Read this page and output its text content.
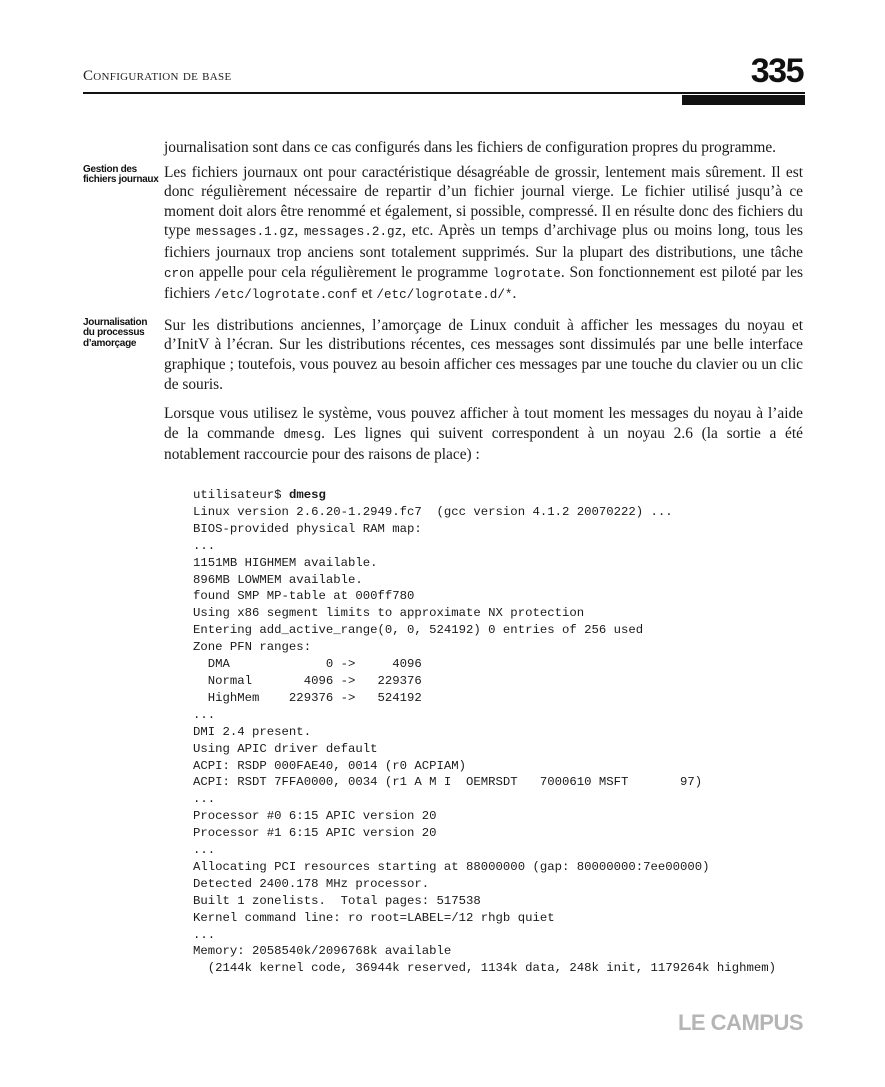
Configuration de base	335

journalisation sont dans ce cas configurés dans les fichiers de configuration propres du programme.

Gestion des fichiers journaux Les fichiers journaux ont pour caractéristique désagréable de grossir, lentement mais sûrement. Il est donc régulièrement nécessaire de repartir d’un fichier journal vierge. Le fichier utilisé jusqu’à ce moment doit alors être renommé et également, si possible, compressé. Il en résulte donc des fichiers du type messages.1.gz, messages.2.gz, etc. Après un temps d’archivage plus ou moins long, tous les fichiers journaux trop anciens sont totalement supprimés. Sur la plupart des distributions, une tâche cron appelle pour cela régulièrement le programme logrotate. Son fonctionnement est piloté par les fichiers /etc/logrotate.conf et /etc/logrotate.d/*.

Journalisation du processus d’amorçage
Sur les distributions anciennes, l’amorçage de Linux conduit à afficher les messages du noyau et d’InitV à l’écran. Sur les distributions récentes, ces messages sont dissimulés par une belle interface graphique ; toutefois, vous pouvez au besoin afficher ces messages par une touche du clavier ou un clic de souris.

Lorsque vous utilisez le système, vous pouvez afficher à tout moment les messages du noyau à l’aide de la commande dmesg. Les lignes qui suivent correspondent à un noyau 2.6 (la sortie a été notablement raccourcie pour des raisons de place) :

utilisateur$ dmesg
Linux version 2.6.20-1.2949.fc7  (gcc version 4.1.2 20070222) ...
BIOS-provided physical RAM map:
...
1151MB HIGHMEM available.
896MB LOWMEM available.
found SMP MP-table at 000ff780
Using x86 segment limits to approximate NX protection
Entering add_active_range(0, 0, 524192) 0 entries of 256 used
Zone PFN ranges:
DMA             0 ->     4096
Normal       4096 ->   229376
HighMem    229376 ->   524192
...
DMI 2.4 present.
Using APIC driver default
ACPI: RSDP 000FAE40, 0014 (r0 ACPIAM)
ACPI: RSDT 7FFA0000, 0034 (r1 A M I  OEMRSDT   7000610 MSFT       97)
...
Processor #0 6:15 APIC version 20
Processor #1 6:15 APIC version 20
...
Allocating PCI resources starting at 88000000 (gap: 80000000:7ee00000)
Detected 2400.178 MHz processor.
Built 1 zonelists.  Total pages: 517538
Kernel command line: ro root=LABEL=/12 rhgb quiet
...
Memory: 2058540k/2096768k available
(2144k kernel code, 36944k reserved, 1134k data, 248k init, 1179264k highmem)
LE CAMPUS
